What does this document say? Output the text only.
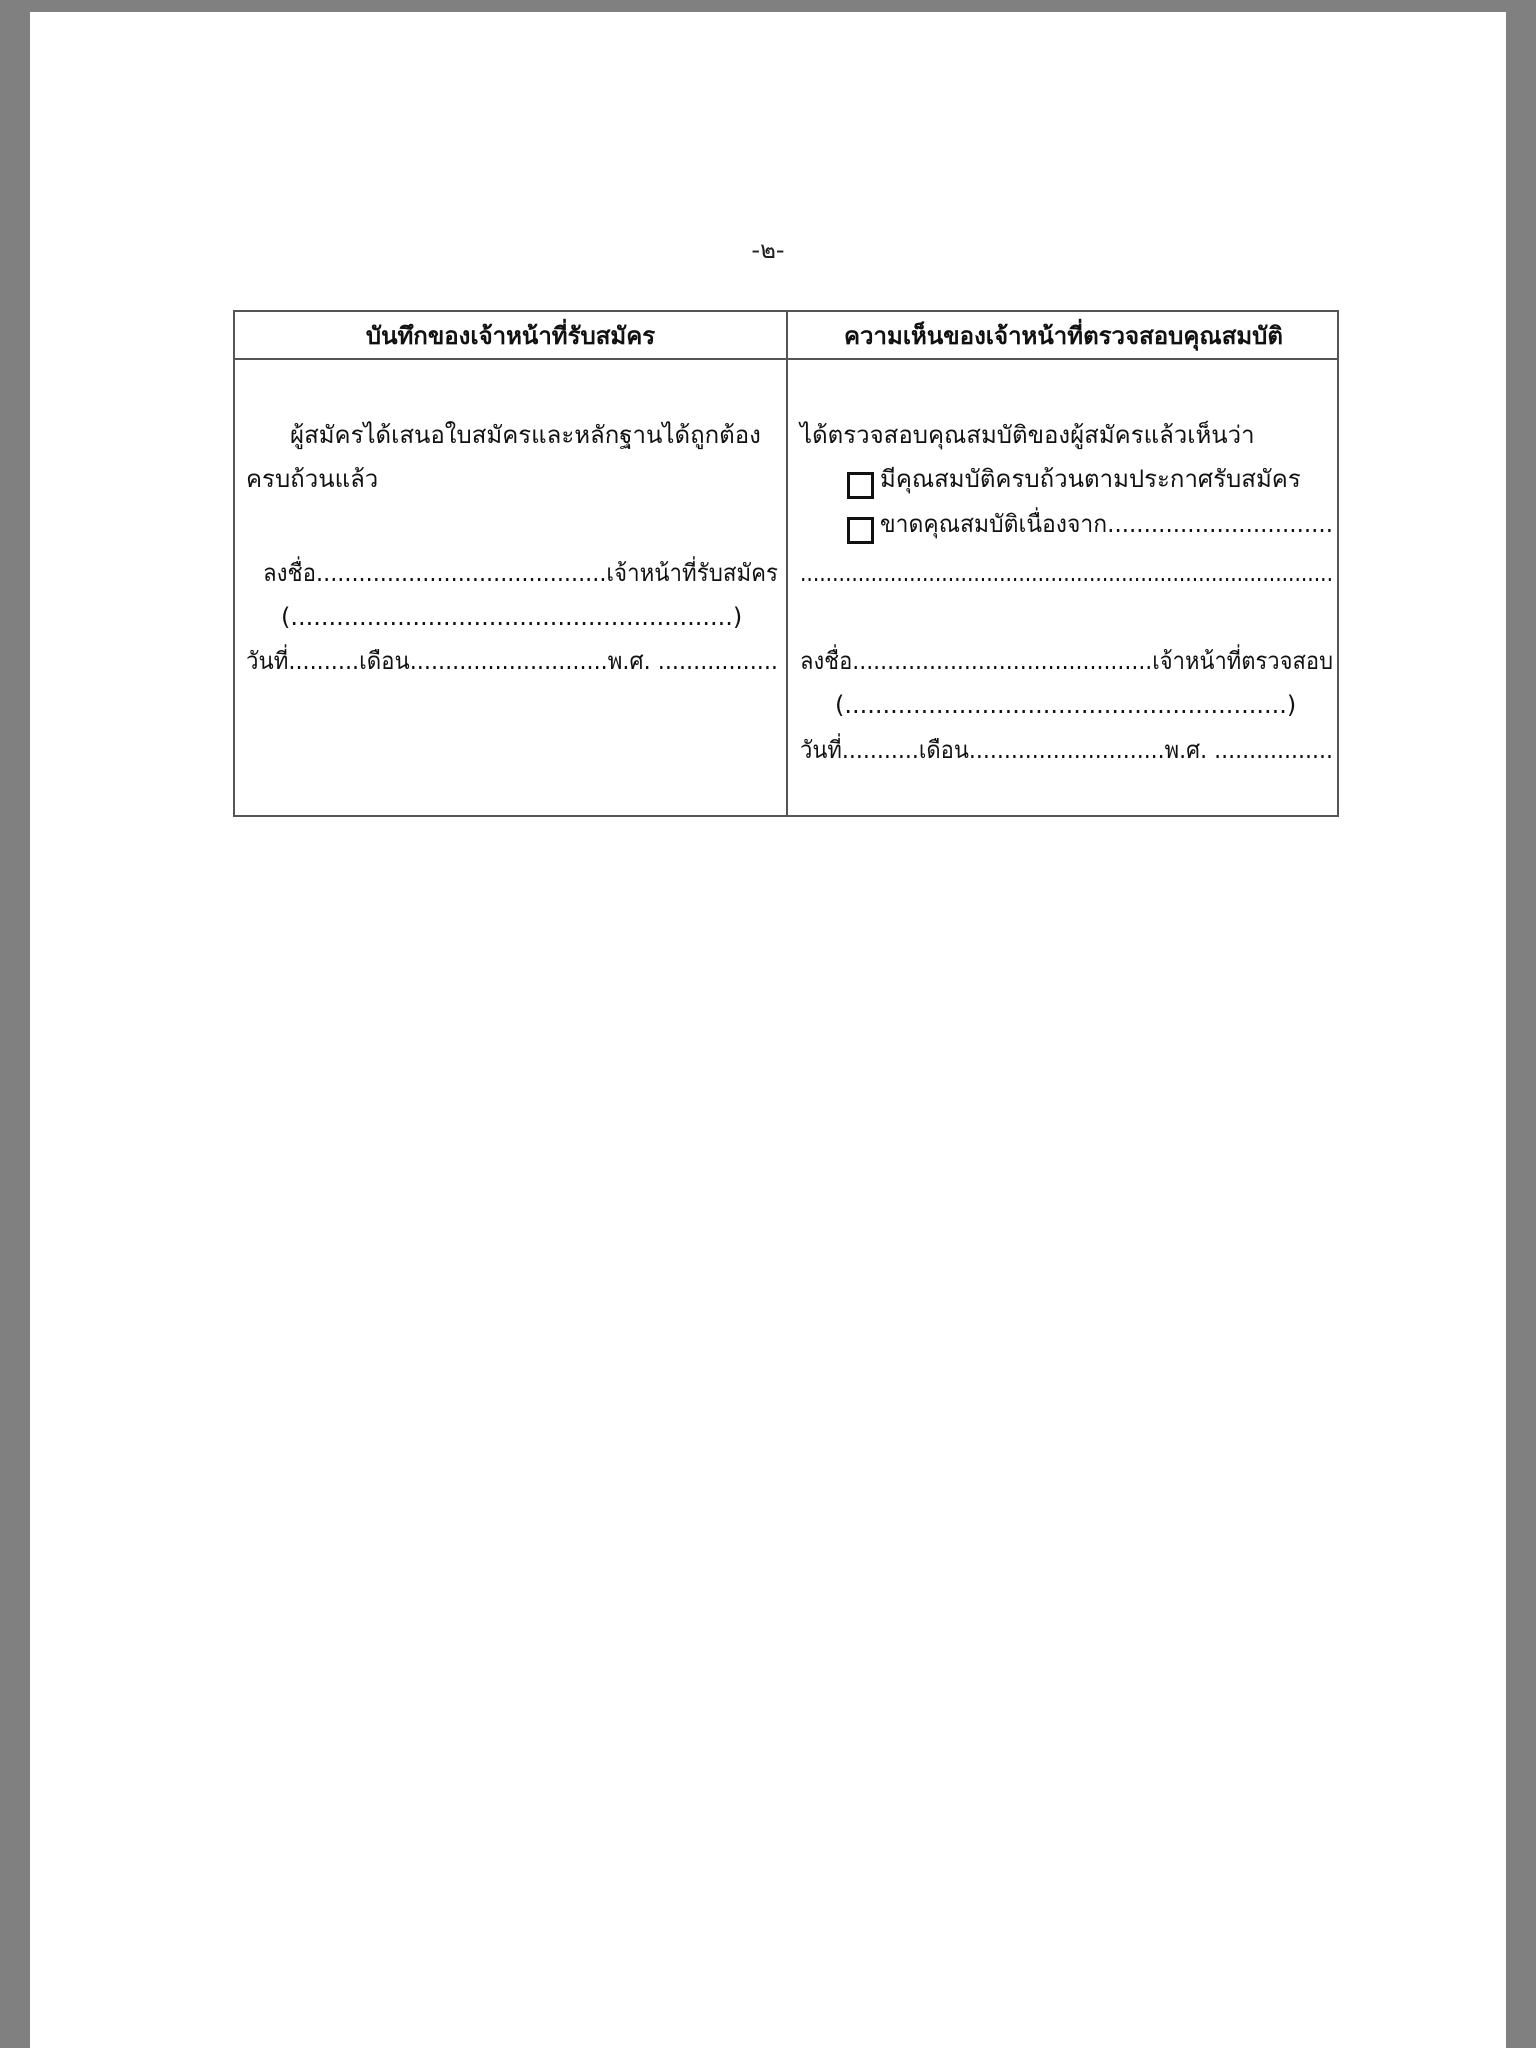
-๒-
บันทึกของเจ้าหน้าที่รับสมัคร	ความเห็นของเจ้าหน้าที่ตรวจสอบคุณสมบัติ
ผู้สมัครได้เสนอใบสมัครและหลักฐานได้ถูกต้อง
ครบถ้วนแล้ว
ลงชื่อ.........................................เจ้าหน้าที่รับสมัคร
(..........................................................)
วันที่..........เดือน............................พ.ศ. .................
ได้ตรวจสอบคุณสมบัติของผู้สมัครแล้วเห็นว่า
มีคุณสมบัติครบถ้วนตามประกาศรับสมัคร
ขาดคุณสมบัติเนื่องจาก...............................
...................................................................................
ลงชื่อ...........................................เจ้าหน้าที่ตรวจสอบ
(..........................................................)
วันที่...........เดือน............................พ.ศ. .................
